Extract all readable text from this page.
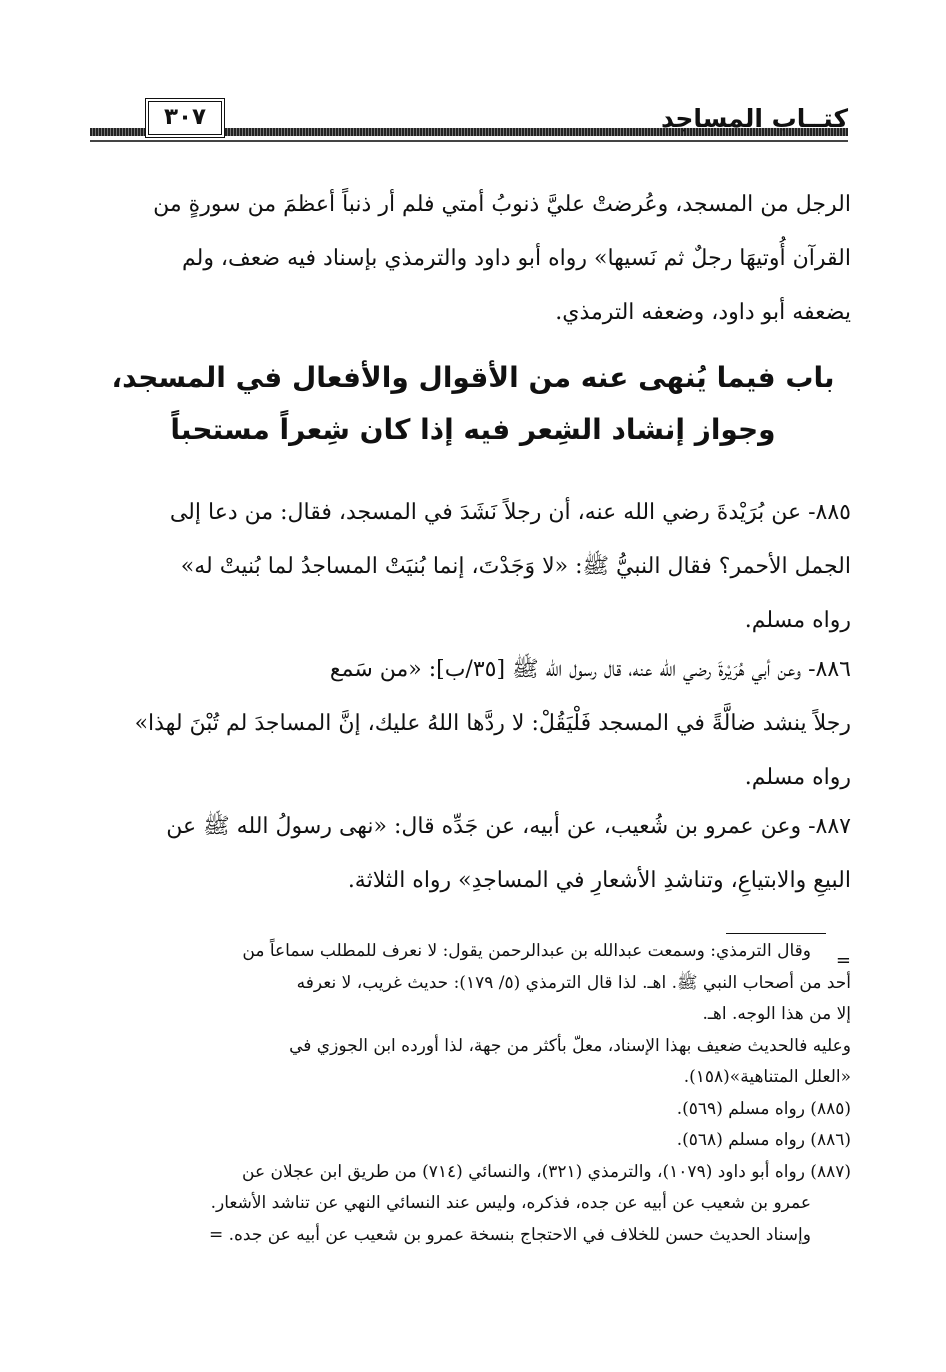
كتــاب المساجد
٣٠٧
الرجل من المسجد، وعُرضتْ عليَّ ذنوبُ أمتي فلم أر ذنباً أعظمَ من سورةٍ من
القرآن أُوتيهَا رجلٌ ثم نَسيها» رواه أبو داود والترمذي بإسناد فيه ضعف، ولم
يضعفه أبو داود، وضعفه الترمذي.
باب فيما يُنهى عنه من الأقوال والأفعال في المسجد،
وجواز إنشاد الشِعر فيه إذا كان شِعراً مستحباً
٨٨٥- عن بُرَيْدةَ رضي الله عنه، أن رجلاً نَشَدَ في المسجد، فقال: من دعا إلى
الجمل الأحمر؟ فقال النبيُّ ﷺ: «لا وَجَدْتَ، إنما بُنيَتْ المساجدُ لما بُنيتْ له»
رواه مسلم.
٨٨٦- وعن أبي هُرَيْرةَ رضي الله عنه، قال رسول الله ﷺ [٣٥/ب]: «من سَمع
رجلاً ينشد ضالَّةً في المسجد فَلْيَقُلْ: لا ردَّها اللهُ عليك، إنَّ المساجدَ لم تُبْنَ لهذا»
رواه مسلم.
٨٨٧- وعن عمرو بن شُعيب، عن أبيه، عن جَدِّه قال: «نهى رسولُ الله ﷺ عن
البيعِ والابتياعِ، وتناشدِ الأشعارِ في المساجدِ» رواه الثلاثة.
=
وقال الترمذي: وسمعت عبدالله بن عبدالرحمن يقول: لا نعرف للمطلب سماعاً من
أحد من أصحاب النبي ﷺ. اهـ. لذا قال الترمذي (٥/ ١٧٩): حديث غريب، لا نعرفه
إلا من هذا الوجه. اهـ.
وعليه فالحديث ضعيف بهذا الإسناد، معلّ بأكثر من جهة، لذا أورده ابن الجوزي في
«العلل المتناهية»(١٥٨).
(٨٨٥) رواه مسلم (٥٦٩).
(٨٨٦) رواه مسلم (٥٦٨).
(٨٨٧) رواه أبو داود (١٠٧٩)، والترمذي (٣٢١)، والنسائي (٧١٤) من طريق ابن عجلان عن
عمرو بن شعيب عن أبيه عن جده، فذكره، وليس عند النسائي النهي عن تناشد الأشعار.
وإسناد الحديث حسن للخلاف في الاحتجاج بنسخة عمرو بن شعيب عن أبيه عن جده. =
